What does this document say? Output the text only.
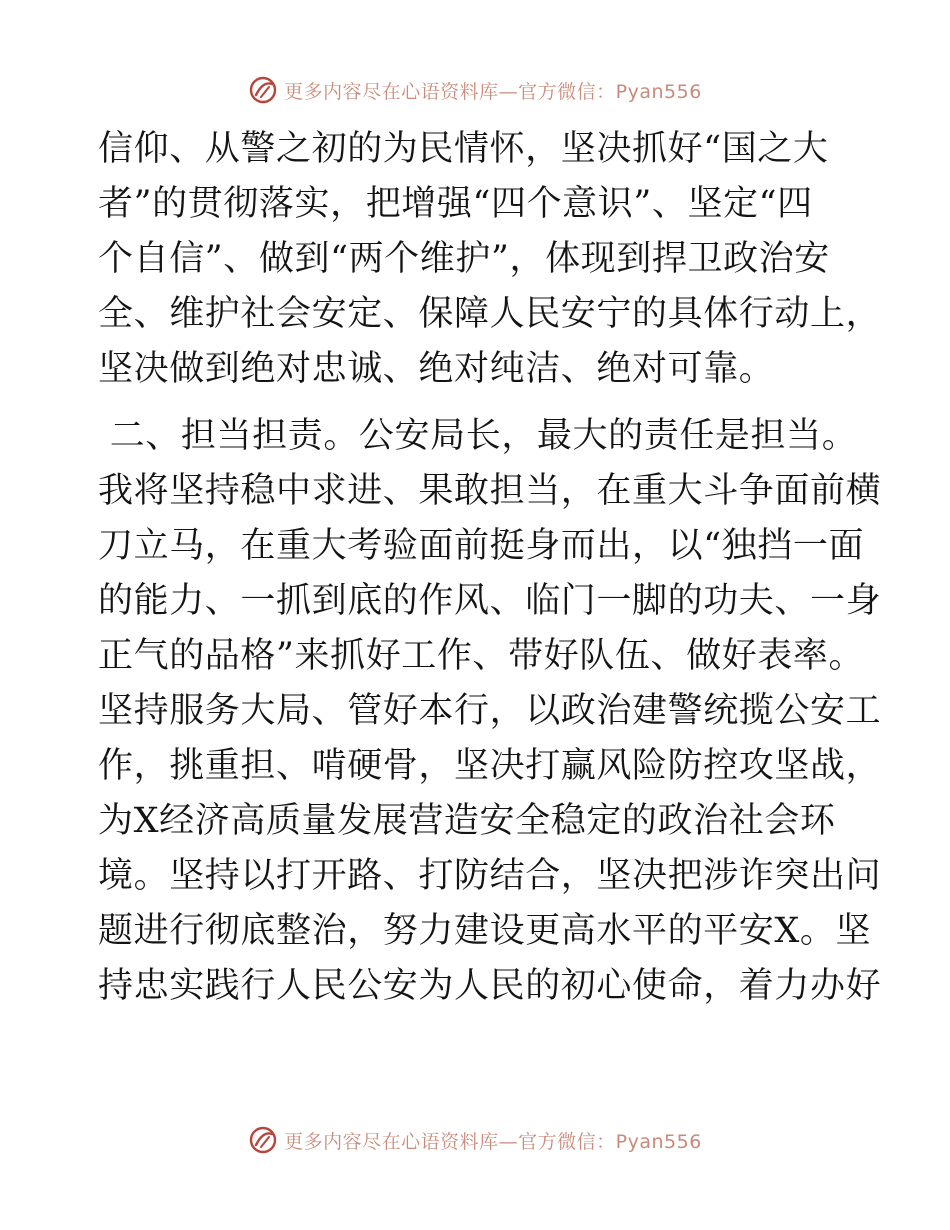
更多内容尽在心语资料库—官方微信：Pyan556
信仰、从警之初的为民情怀，坚决抓好“国之大
者”的贯彻落实，把增强“四个意识”、坚定“四
个自信”、做到“两个维护”，体现到捍卫政治安
全、维护社会安定、保障人民安宁的具体行动上，
坚决做到绝对忠诚、绝对纯洁、绝对可靠。
二、担当担责。公安局长，最大的责任是担当。
我将坚持稳中求进、果敢担当，在重大斗争面前横
刀立马，在重大考验面前挺身而出，以“独挡一面
的能力、一抓到底的作风、临门一脚的功夫、一身
正气的品格”来抓好工作、带好队伍、做好表率。
坚持服务大局、管好本行，以政治建警统揽公安工
作，挑重担、啃硬骨，坚决打赢风险防控攻坚战，
为X经济高质量发展营造安全稳定的政治社会环
境。坚持以打开路、打防结合，坚决把涉诈突出问
题进行彻底整治，努力建设更高水平的平安X。坚
持忠实践行人民公安为人民的初心使命，着力办好
更多内容尽在心语资料库—官方微信：Pyan556
